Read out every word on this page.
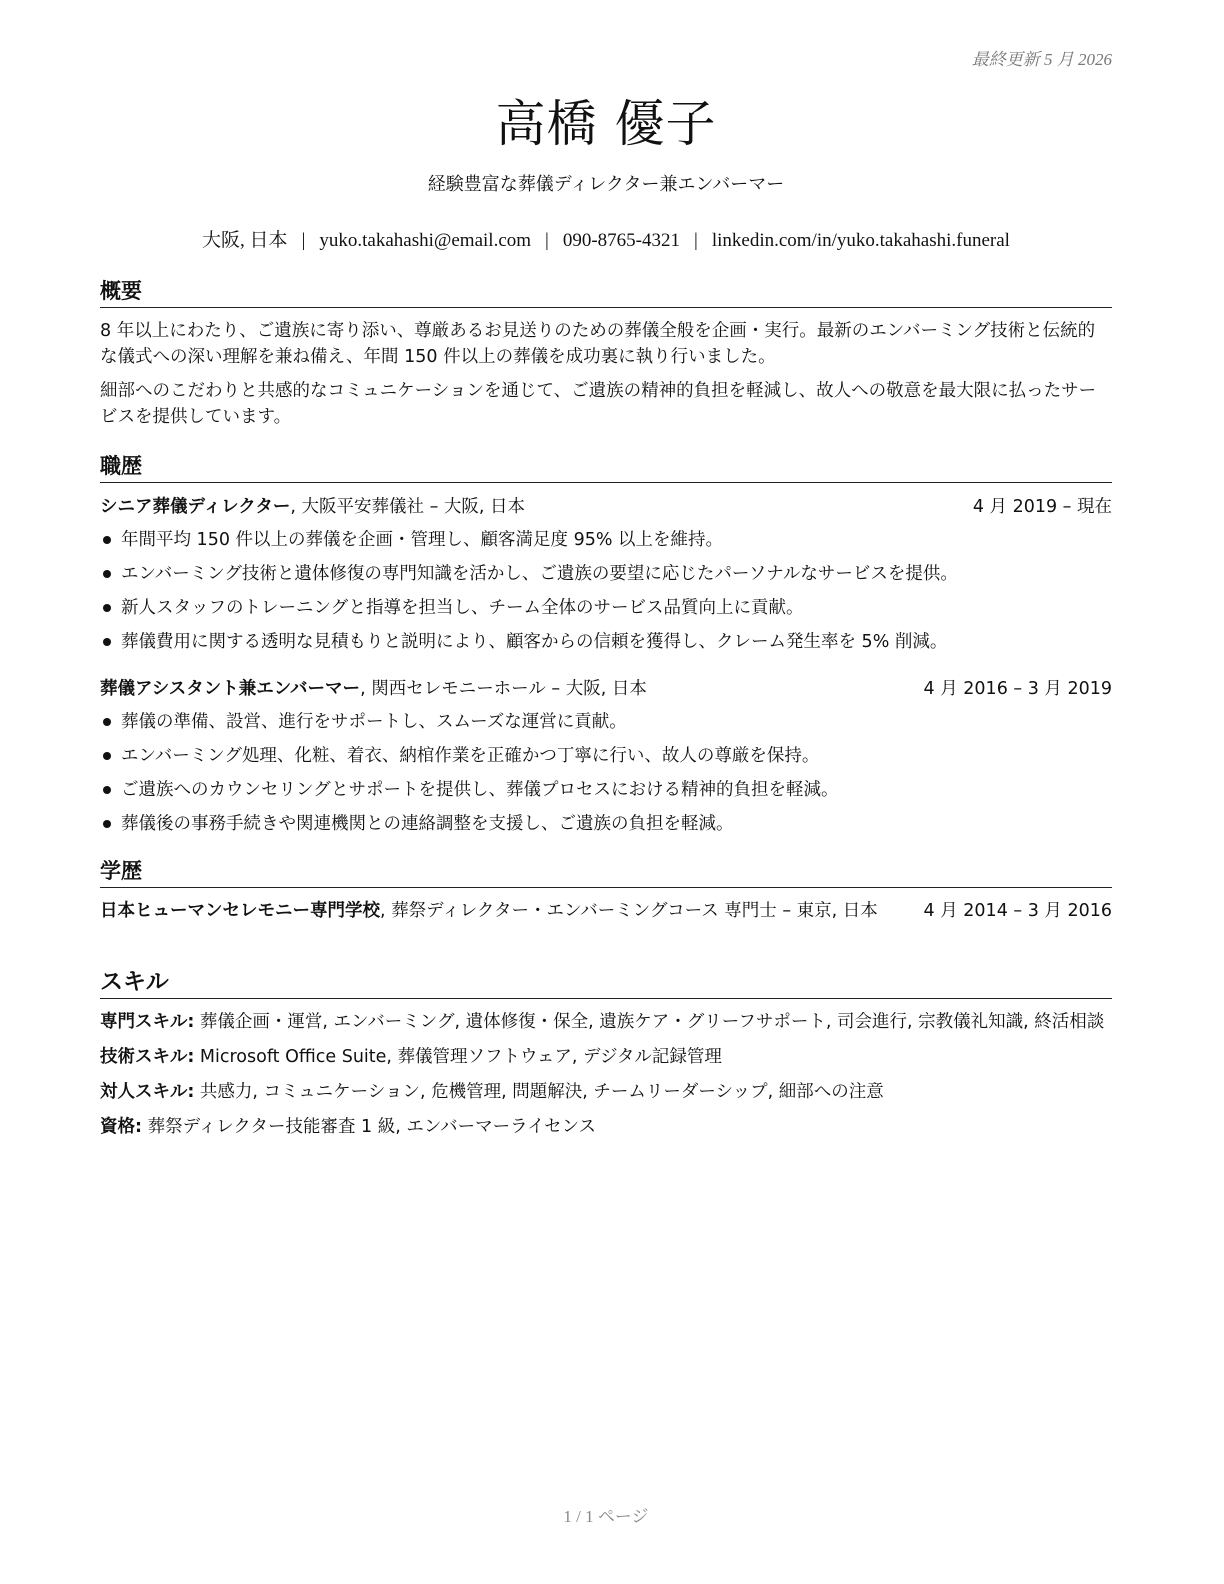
最終更新 5 月 2026
高橋 優子
経験豊富な葬儀ディレクター兼エンバーマー
大阪, 日本 | yuko.takahashi@email.com | 090-8765-4321 | linkedin.com/in/yuko.takahashi.funeral
概要

8 年以上にわたり、ご遺族に寄り添い、尊厳あるお見送りのための葬儀全般を企画・実行。最新のエンバーミング技術と伝統的な儀式への深い理解を兼ね備え、年間 150 件以上の葬儀を成功裏に執り行いました。

細部へのこだわりと共感的なコミュニケーションを通じて、ご遺族の精神的負担を軽減し、故人への敬意を最大限に払ったサービスを提供しています。

職歴
シニア葬儀ディレクター, 大阪平安葬儀社 – 大阪, 日本	4 月 2019 – 現在
年間平均 150 件以上の葬儀を企画・管理し、顧客満足度 95% 以上を維持。
エンバーミング技術と遺体修復の専門知識を活かし、ご遺族の要望に応じたパーソナルなサービスを提供。
新人スタッフのトレーニングと指導を担当し、チーム全体のサービス品質向上に貢献。
葬儀費用に関する透明な見積もりと説明により、顧客からの信頼を獲得し、クレーム発生率を 5% 削減。
葬儀アシスタント兼エンバーマー, 関西セレモニーホール – 大阪, 日本	4 月 2016 – 3 月 2019
葬儀の準備、設営、進行をサポートし、スムーズな運営に貢献。
エンバーミング処理、化粧、着衣、納棺作業を正確かつ丁寧に行い、故人の尊厳を保持。
ご遺族へのカウンセリングとサポートを提供し、葬儀プロセスにおける精神的負担を軽減。
葬儀後の事務手続きや関連機関との連絡調整を支援し、ご遺族の負担を軽減。
学歴
日本ヒューマンセレモニー専門学校, 葬祭ディレクター・エンバーミングコース 専門士 – 東京, 日本	4 月 2014 – 3 月 2016
スキル

専門スキル: 葬儀企画・運営, エンバーミング, 遺体修復・保全, 遺族ケア・グリーフサポート, 司会進行, 宗教儀礼知識, 終活相談

技術スキル: Microsoft Office Suite, 葬儀管理ソフトウェア, デジタル記録管理

対人スキル: 共感力, コミュニケーション, 危機管理, 問題解決, チームリーダーシップ, 細部への注意

資格: 葬祭ディレクター技能審査 1 級, エンバーマーライセンス

1 / 1 ページ
